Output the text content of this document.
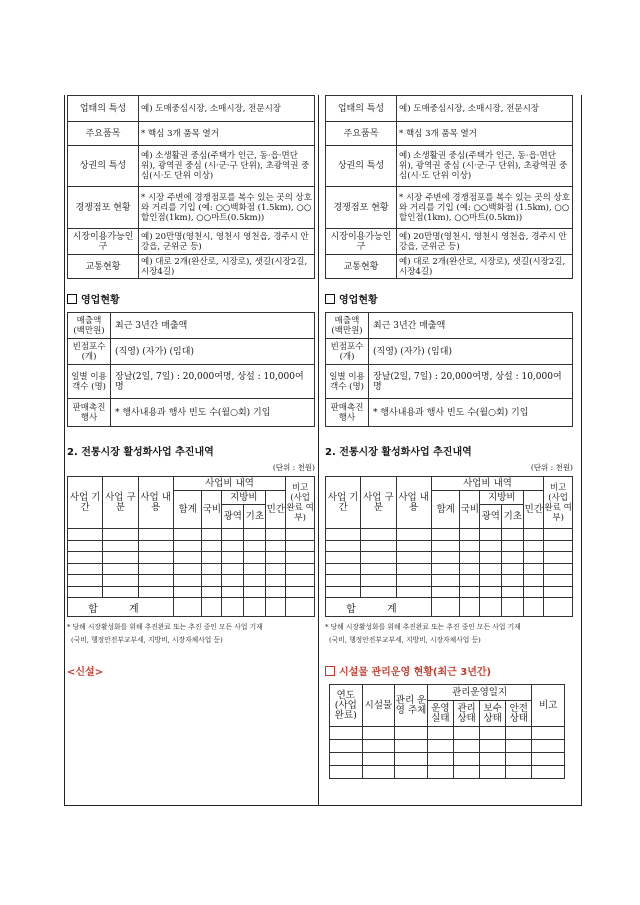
업태의 특성	예) 도매중심시장, 소매시장, 전문시장
주요품목	* 핵심 3개 품목 열거
상권의 특성	예) 소생활권 중심(주택가 인근, 동·읍·면단위), 광역권 중심 (시·군·구 단위), 초광역권 중심(시·도 단위 이상)
경쟁점포 현황	* 시장 주변에 경쟁점포를 복수 있는 곳의 상호와 거리를 기입 (예: ○○백화점 (1.5km), ○○할인점(1km), ○○마트(0.5km))
시장이용가능인구	예) 20만명(영천시, 영천시 영천읍, 경주시 안강읍, 군위군 등)
교통현황	예) 대로 2개(완산로, 시장로), 샛길(시장2길, 시장4길)
영업현황
매출액 (백만원)	최근 3년간 매출액
빈점포수 (개)	(직영) (자가) (임대)
일별 이용객수 (명)	장날(2일, 7일) : 20,000여명, 상설 : 10,000여명
판매촉진 행사	* 행사내용과 행사 빈도 수(월○회) 기입
2. 전통시장 활성화사업 추진내역
(단위 : 천원)
사업 기간	사업 구분	사업 내용	사업비 내역					비고 (사업 완료 여부)
			합계	국비	지방비		민간	
					광역	기초		

합 계								
* 당해 시장활성화를 위해 추진완료 또는 추진 중인 모든 사업 기재
(국비, 행정안전부교부세, 지방비, 시장자체사업 등)
<신설>
업태의 특성	예) 도매중심시장, 소매시장, 전문시장
주요품목	* 핵심 3개 품목 열거
상권의 특성	예) 소생활권 중심(주택가 인근, 동·읍·면단위), 광역권 중심 (시·군·구 단위), 초광역권 중심(시·도 단위 이상)
경쟁점포 현황	* 시장 주변에 경쟁점포를 복수 있는 곳의 상호와 거리를 기입 (예: ○○백화점 (1.5km), ○○할인점(1km), ○○마트(0.5km))
시장이용가능인구	예) 20만명(영천시, 영천시 영천읍, 경주시 안강읍, 군위군 등)
교통현황	예) 대로 2개(완산로, 시장로), 샛길(시장2길, 시장4길)
영업현황
매출액 (백만원)	최근 3년간 매출액
빈점포수 (개)	(직영) (자가) (임대)
일별 이용객수 (명)	장날(2일, 7일) : 20,000여명, 상설 : 10,000여명
판매촉진 행사	* 행사내용과 행사 빈도 수(월○회) 기입
2. 전통시장 활성화사업 추진내역
(단위 : 천원)
사업 기간	사업 구분	사업 내용	사업비 내역					비고 (사업 완료 여부)
			합계	국비	지방비		민간	
					광역	기초		

합 계								
* 당해 시장활성화를 위해 추진완료 또는 추진 중인 모든 사업 기재
(국비, 행정안전부교부세, 지방비, 시장자체사업 등)
시설물 관리운영 현황(최근 3년간)
연도 (사업 완료)	시설물	관리 운영 주체	관리운영일지				비고
			운영 실태	관리 상태	보수 상태	안전 상태	
